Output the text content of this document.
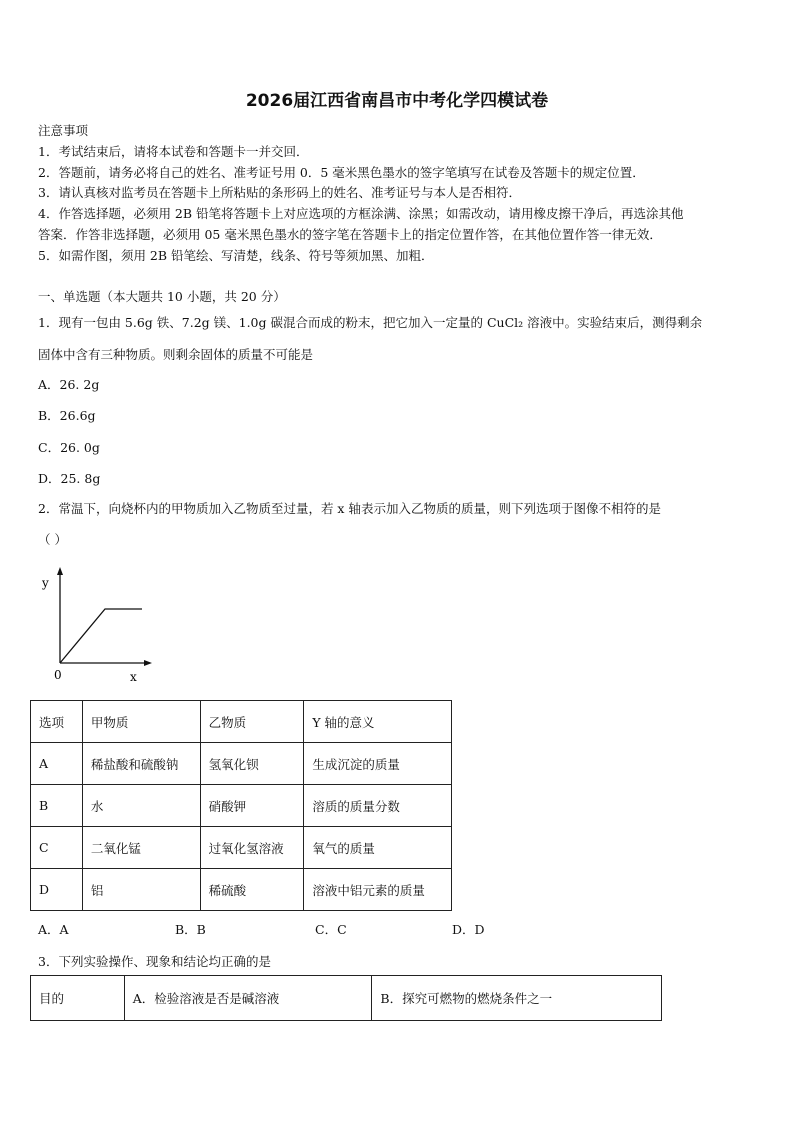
2026届江西省南昌市中考化学四模试卷
注意事项
1．考试结束后，请将本试卷和答题卡一并交回．
2．答题前，请务必将自己的姓名、准考证号用 0．5 毫米黑色墨水的签字笔填写在试卷及答题卡的规定位置．
3．请认真核对监考员在答题卡上所粘贴的条形码上的姓名、准考证号与本人是否相符．
4．作答选择题，必须用 2B 铅笔将答题卡上对应选项的方框涂满、涂黑；如需改动，请用橡皮擦干净后，再选涂其他
答案．作答非选择题，必须用 05 毫米黑色墨水的签字笔在答题卡上的指定位置作答，在其他位置作答一律无效．
5．如需作图，须用 2B 铅笔绘、写清楚，线条、符号等须加黑、加粗．
一、单选题（本大题共 10 小题，共 20 分）
1．现有一包由 5.6g 铁、7.2g 镁、1.0g 碳混合而成的粉末，把它加入一定量的 CuCl₂ 溶液中。实验结束后，测得剩余
固体中含有三种物质。则剩余固体的质量不可能是
A．26. 2g
B．26.6g
C．26. 0g
D．25. 8g
2．常温下，向烧杯内的甲物质加入乙物质至过量，若 x 轴表示加入乙物质的质量，则下列选项于图像不相符的是
（ ）
y
x
0
选项	甲物质	乙物质	Y 轴的意义
A	稀盐酸和硫酸钠	氢氧化钡	生成沉淀的质量
B	水	硝酸钾	溶质的质量分数
C	二氧化锰	过氧化氢溶液	氧气的质量
D	铝	稀硫酸	溶液中铝元素的质量
A．A	B．B	C．C	D．D
3．下列实验操作、现象和结论均正确的是
目的	A．检验溶液是否是碱溶液	B．探究可燃物的燃烧条件之一
